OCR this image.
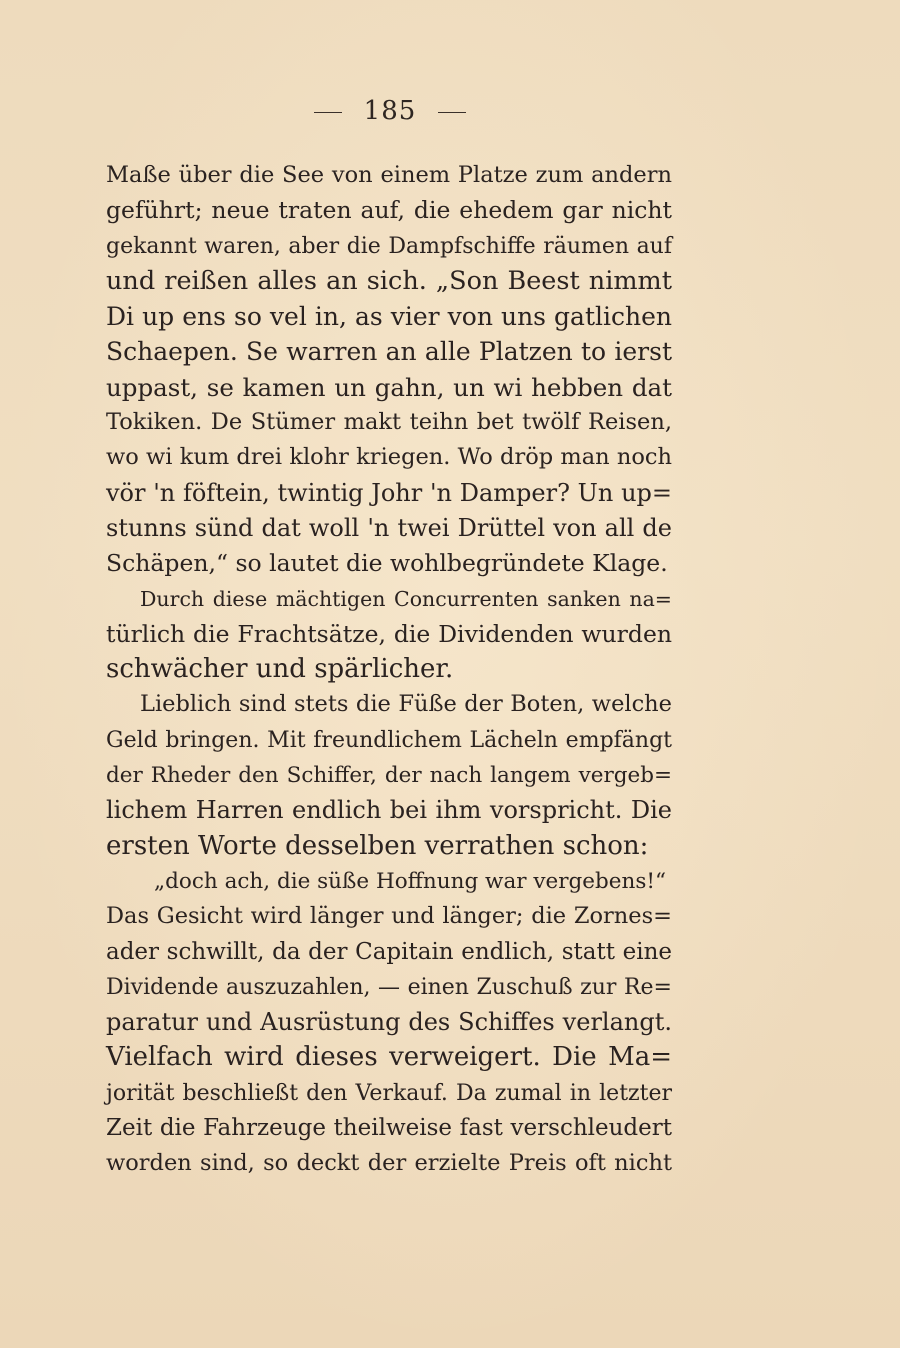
185
Maße über die See von einem Platze zum andern
geführt; neue traten auf, die ehedem gar nicht
gekannt waren, aber die Dampfschiffe räumen auf
und reißen alles an sich. „Son Beest nimmt
Di up ens so vel in, as vier von uns gatlichen
Schaepen. Se warren an alle Platzen to ierst
uppast, se kamen un gahn, un wi hebben dat
Tokiken. De Stümer makt teihn bet twölf Reisen,
wo wi kum drei klohr kriegen. Wo dröp man noch
vör 'n föftein, twintig Johr 'n Damper? Un up=
stunns sünd dat woll 'n twei Drüttel von all de
Schäpen,“ so lautet die wohlbegründete Klage.
Durch diese mächtigen Concurrenten sanken na=
türlich die Frachtsätze, die Dividenden wurden
schwächer und spärlicher.
Lieblich sind stets die Füße der Boten, welche
Geld bringen. Mit freundlichem Lächeln empfängt
der Rheder den Schiffer, der nach langem vergeb=
lichem Harren endlich bei ihm vorspricht. Die
ersten Worte desselben verrathen schon:
„doch ach, die süße Hoffnung war vergebens!“
Das Gesicht wird länger und länger; die Zornes=
ader schwillt, da der Capitain endlich, statt eine
Dividende auszuzahlen, — einen Zuschuß zur Re=
paratur und Ausrüstung des Schiffes verlangt.
Vielfach wird dieses verweigert. Die Ma=
jorität beschließt den Verkauf. Da zumal in letzter
Zeit die Fahrzeuge theilweise fast verschleudert
worden sind, so deckt der erzielte Preis oft nicht
